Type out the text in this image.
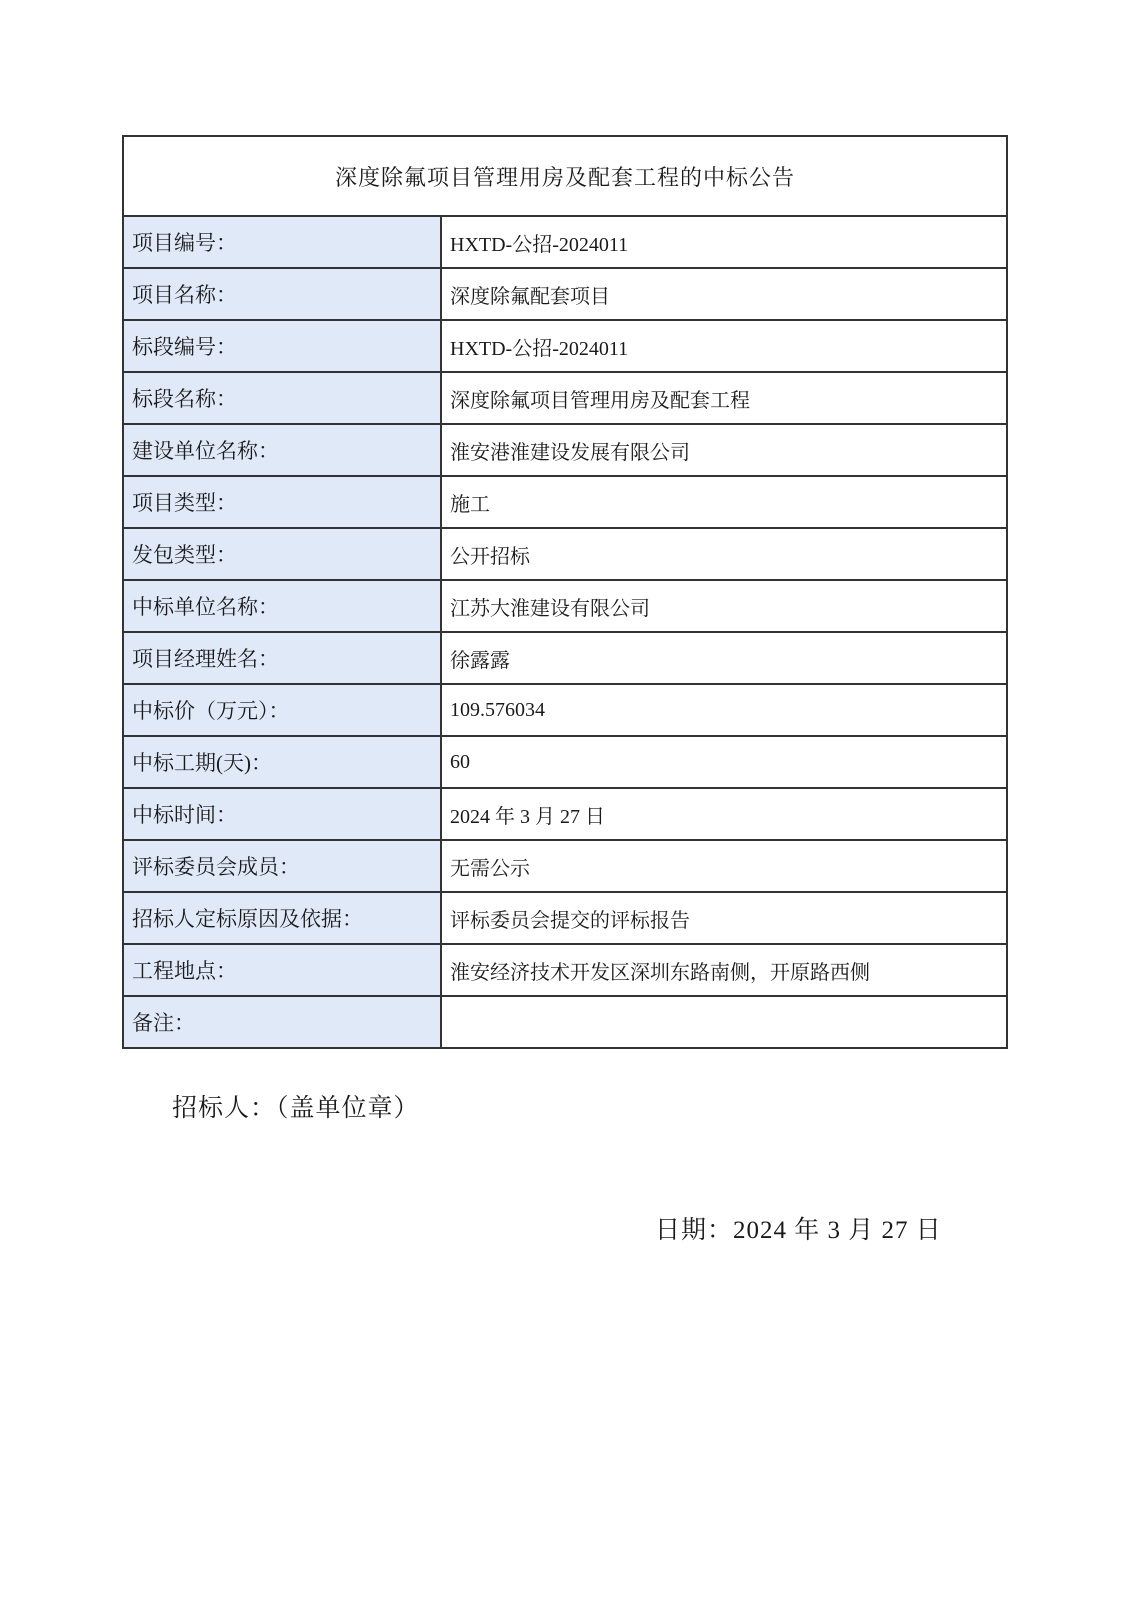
深度除氟项目管理用房及配套工程的中标公告
项目编号：	HXTD-公招-2024011
项目名称：	深度除氟配套项目
标段编号：	HXTD-公招-2024011
标段名称：	深度除氟项目管理用房及配套工程
建设单位名称：	淮安港淮建设发展有限公司
项目类型：	施工
发包类型：	公开招标
中标单位名称：	江苏大淮建设有限公司
项目经理姓名：	徐露露
中标价（万元）：	109.576034
中标工期(天)：	60
中标时间：	2024 年 3 月 27 日
评标委员会成员：	无需公示
招标人定标原因及依据：	评标委员会提交的评标报告
工程地点：	淮安经济技术开发区深圳东路南侧，开原路西侧
备注：
招标人：（盖单位章）
日期：2024 年 3 月 27 日
